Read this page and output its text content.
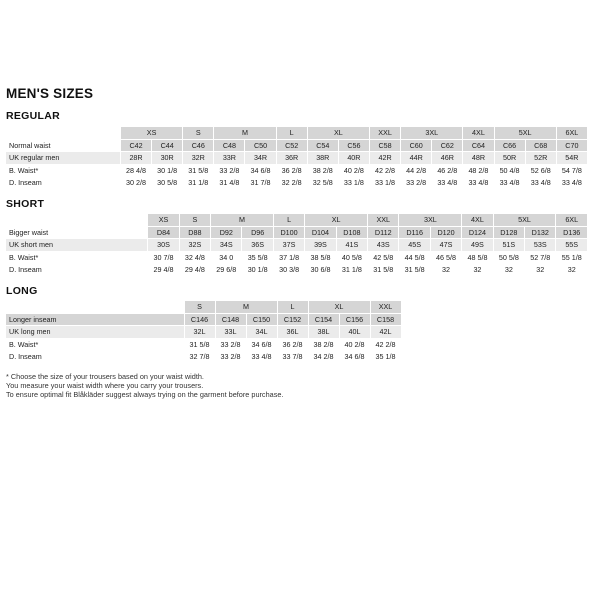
MEN'S SIZES
REGULAR
	XS		S	M		L	XL		XXL	3XL		4XL	5XL		6XL
Normal waist	C42	C44	C46	C48	C50	C52	C54	C56	C58	C60	C62	C64	C66	C68	C70
UK regular men	28R	30R	32R	33R	34R	36R	38R	40R	42R	44R	46R	48R	50R	52R	54R
B. Waist*	28 4/8	30 1/8	31 5/8	33 2/8	34 6/8	36 2/8	38 2/8	40 2/8	42 2/8	44 2/8	46 2/8	48 2/8	50 4/8	52 6/8	54 7/8
D. Inseam	30 2/8	30 5/8	31 1/8	31 4/8	31 7/8	32 2/8	32 5/8	33 1/8	33 1/8	33 2/8	33 4/8	33 4/8	33 4/8	33 4/8	33 4/8
SHORT
	XS	S	M		L	XL		XXL	3XL		4XL	5XL		6XL
Bigger waist	D84	D88	D92	D96	D100	D104	D108	D112	D116	D120	D124	D128	D132	D136
UK short men	30S	32S	34S	36S	37S	39S	41S	43S	45S	47S	49S	51S	53S	55S
B. Waist*	30 7/8	32 4/8	34 0	35 5/8	37 1/8	38 5/8	40 5/8	42 5/8	44 5/8	46 5/8	48 5/8	50 5/8	52 7/8	55 1/8
D. Inseam	29 4/8	29 4/8	29 6/8	30 1/8	30 3/8	30 6/8	31 1/8	31 5/8	31 5/8	32	32	32	32	32
LONG
	S	M		L	XL		XXL
Longer inseam	C146	C148	C150	C152	C154	C156	C158
UK long men	32L	33L	34L	36L	38L	40L	42L
B. Waist*	31 5/8	33 2/8	34 6/8	36 2/8	38 2/8	40 2/8	42 2/8
D. Inseam	32 7/8	33 2/8	33 4/8	33 7/8	34 2/8	34 6/8	35 1/8
* Choose the size of your trousers based on your waist width.
You measure your waist width where you carry your trousers.
To ensure optimal fit Blåkläder suggest always trying on the garment before purchase.
